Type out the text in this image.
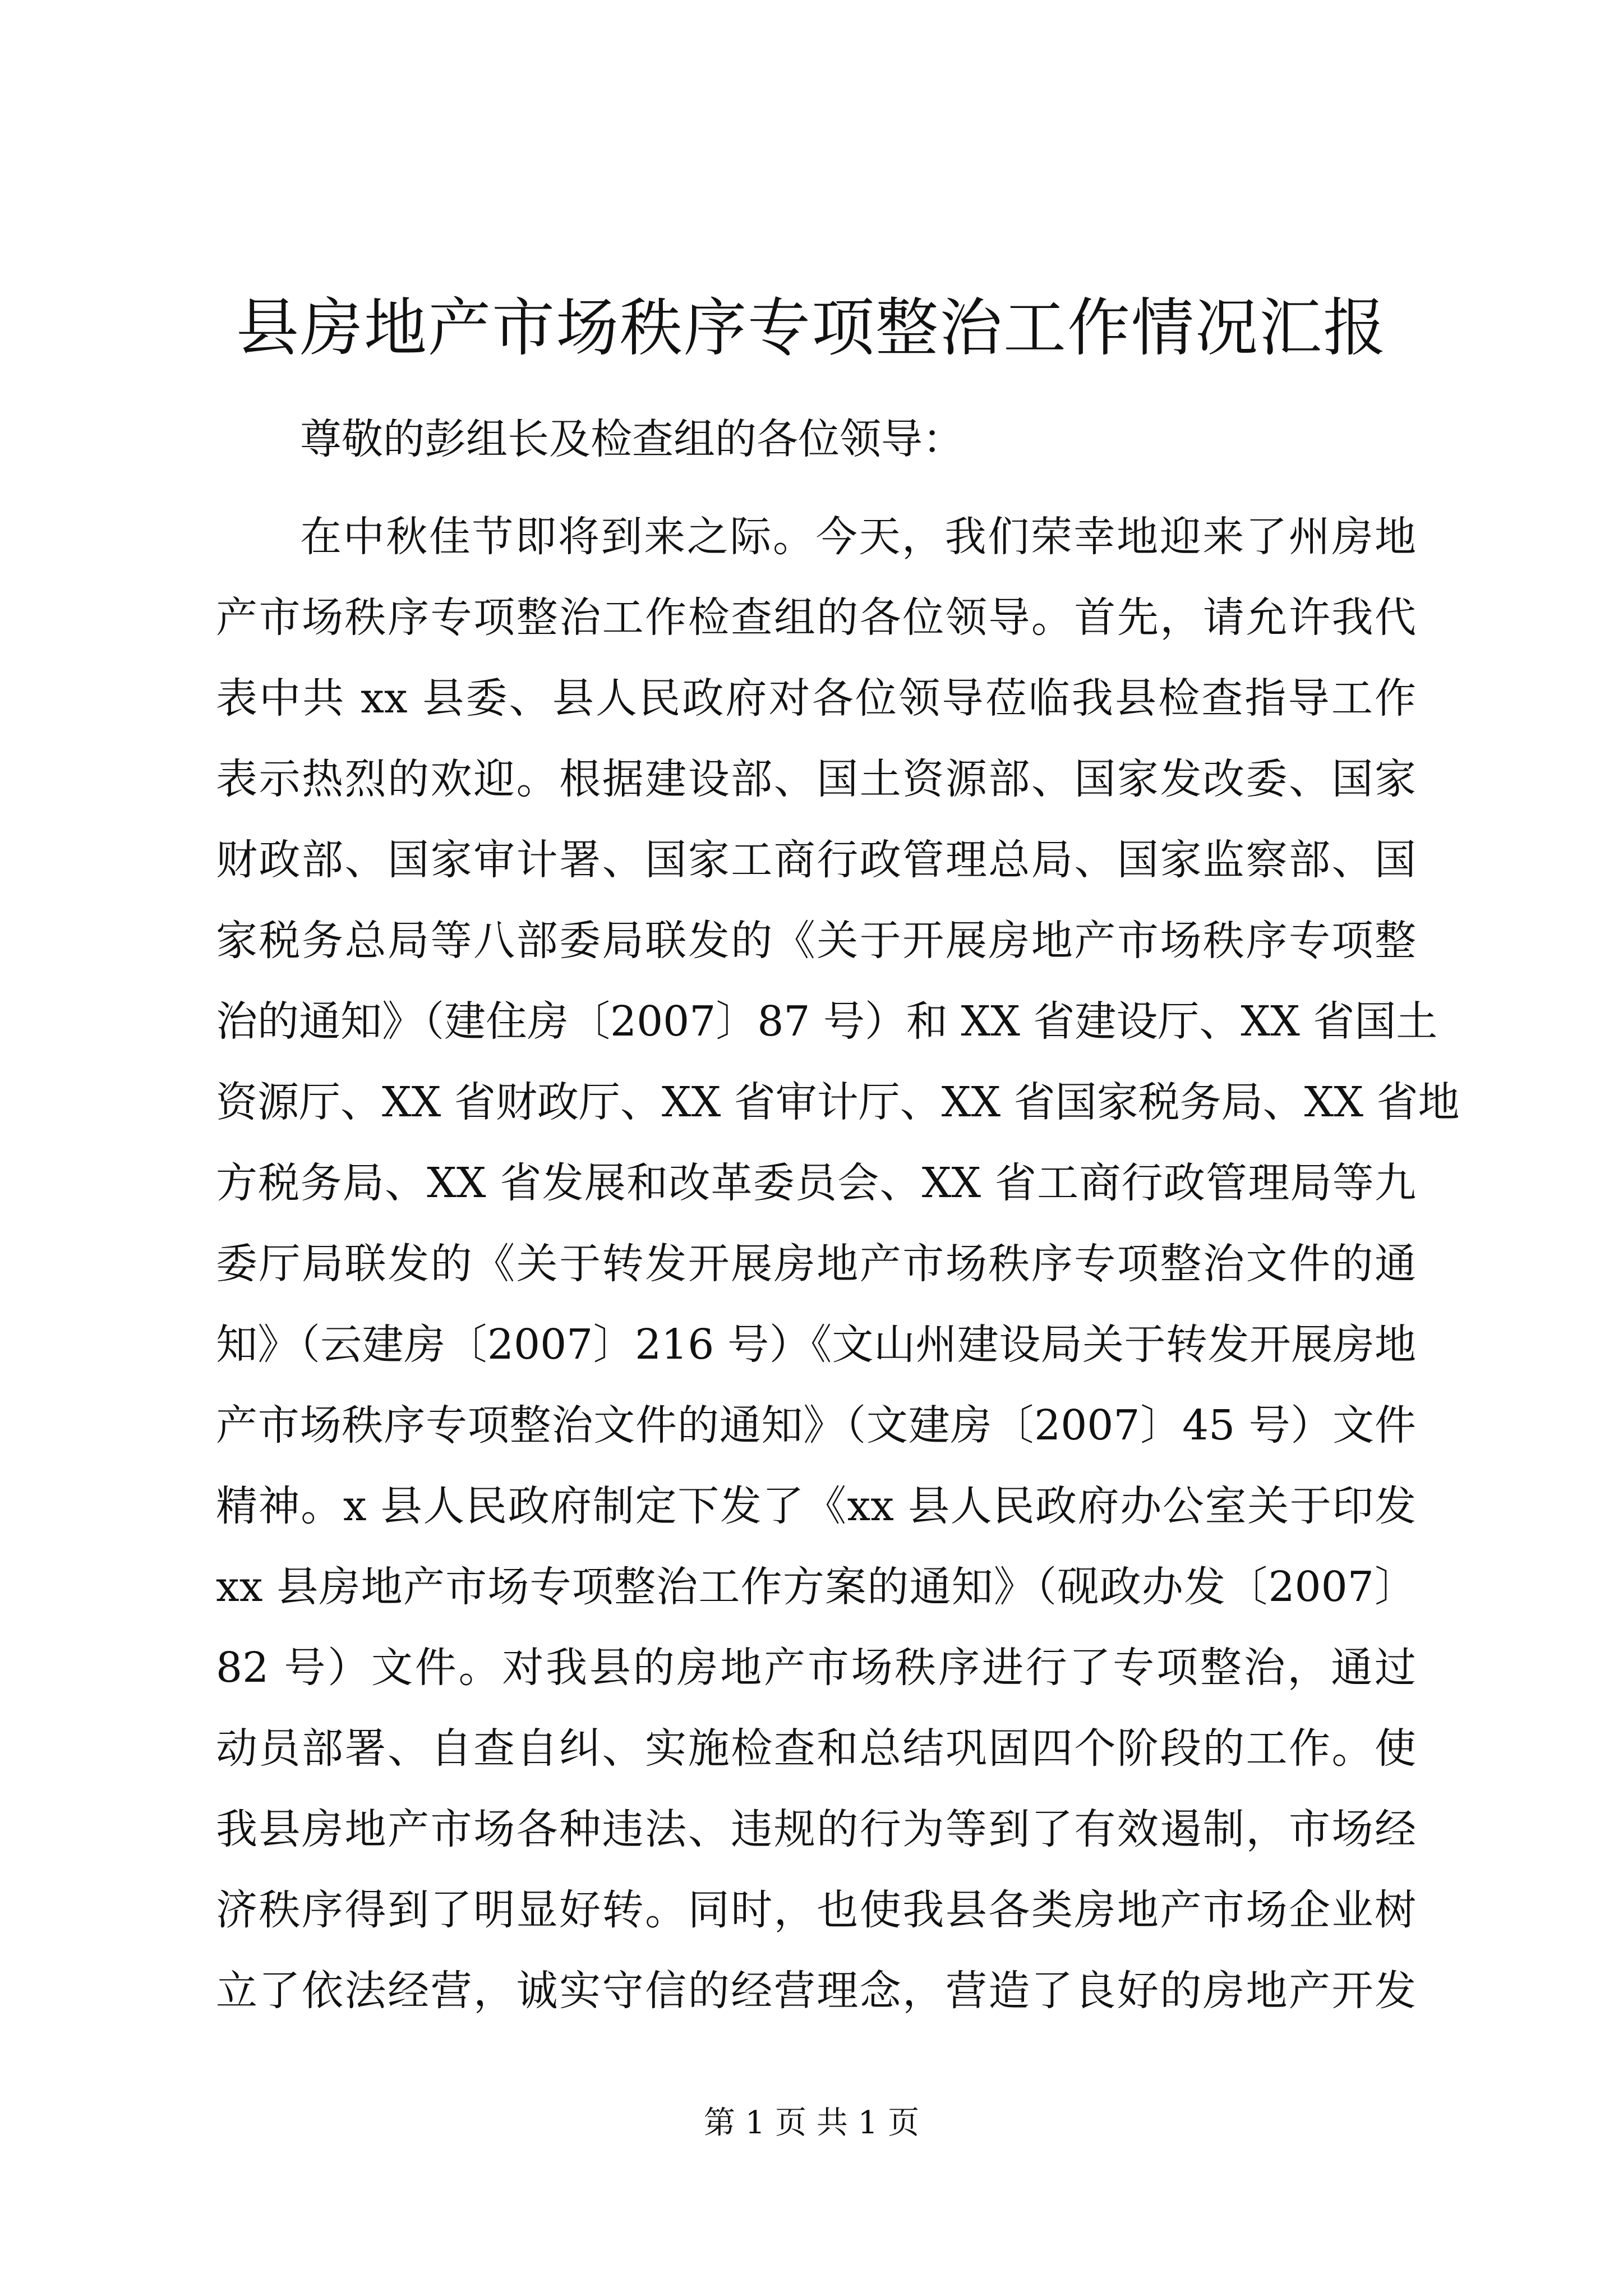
县房地产市场秩序专项整治工作情况汇报
尊敬的彭组长及检查组的各位领导：
在中秋佳节即将到来之际。今天，我们荣幸地迎来了州房地
产市场秩序专项整治工作检查组的各位领导。首先，请允许我代
表中共 xx 县委、县人民政府对各位领导莅临我县检查指导工作
表示热烈的欢迎。根据建设部、国土资源部、国家发改委、国家
财政部、国家审计署、国家工商行政管理总局、国家监察部、国
家税务总局等八部委局联发的《关于开展房地产市场秩序专项整
治的通知》（建住房〔2007〕87 号）和 XX 省建设厅、XX 省国土
资源厅、XX 省财政厅、XX 省审计厅、XX 省国家税务局、XX 省地
方税务局、XX 省发展和改革委员会、XX 省工商行政管理局等九
委厅局联发的《关于转发开展房地产市场秩序专项整治文件的通
知》（云建房〔2007〕216 号）《文山州建设局关于转发开展房地
产市场秩序专项整治文件的通知》（文建房〔2007〕45 号）文件
精神。x 县人民政府制定下发了《xx 县人民政府办公室关于印发
xx 县房地产市场专项整治工作方案的通知》（砚政办发〔2007〕
82 号）文件。对我县的房地产市场秩序进行了专项整治，通过
动员部署、自查自纠、实施检查和总结巩固四个阶段的工作。使
我县房地产市场各种违法、违规的行为等到了有效遏制，市场经
济秩序得到了明显好转。同时，也使我县各类房地产市场企业树
立了依法经营，诚实守信的经营理念，营造了良好的房地产开发
第 1 页 共 1 页
